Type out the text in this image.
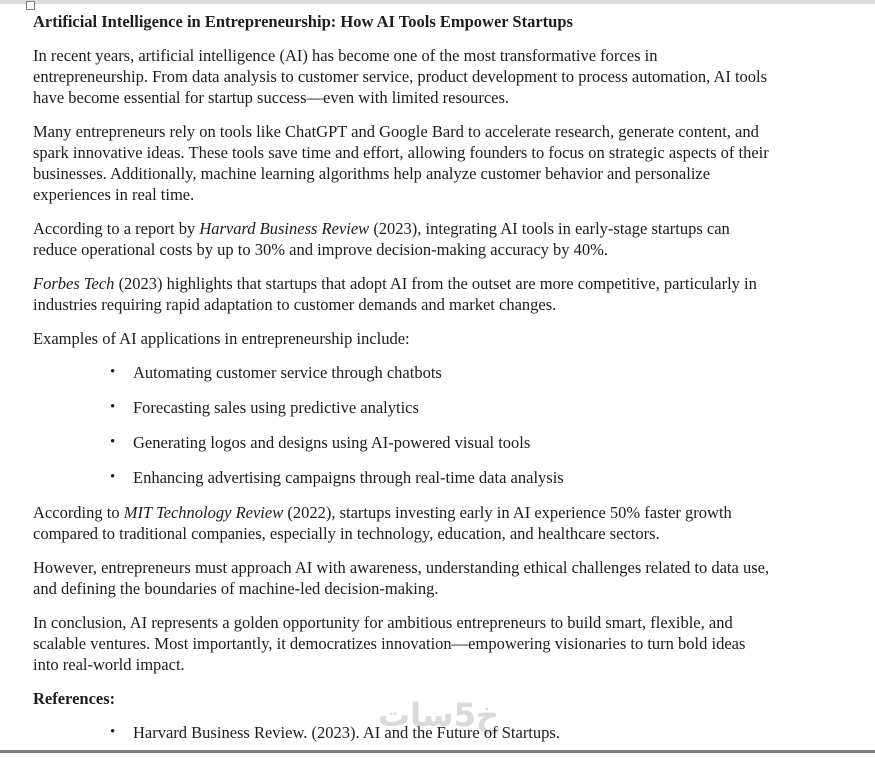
خ5سات
Artificial Intelligence in Entrepreneurship: How AI Tools Empower Startups
In recent years, artificial intelligence (AI) has become one of the most transformative forces in
entrepreneurship. From data analysis to customer service, product development to process automation, AI tools
have become essential for startup success—even with limited resources.
Many entrepreneurs rely on tools like ChatGPT and Google Bard to accelerate research, generate content, and
spark innovative ideas. These tools save time and effort, allowing founders to focus on strategic aspects of their
businesses. Additionally, machine learning algorithms help analyze customer behavior and personalize
experiences in real time.
According to a report by Harvard Business Review (2023), integrating AI tools in early-stage startups can
reduce operational costs by up to 30% and improve decision-making accuracy by 40%.
Forbes Tech (2023) highlights that startups that adopt AI from the outset are more competitive, particularly in
industries requiring rapid adaptation to customer demands and market changes.
Examples of AI applications in entrepreneurship include:
• Automating customer service through chatbots
• Forecasting sales using predictive analytics
• Generating logos and designs using AI-powered visual tools
• Enhancing advertising campaigns through real-time data analysis
According to MIT Technology Review (2022), startups investing early in AI experience 50% faster growth
compared to traditional companies, especially in technology, education, and healthcare sectors.
However, entrepreneurs must approach AI with awareness, understanding ethical challenges related to data use,
and defining the boundaries of machine-led decision-making.
In conclusion, AI represents a golden opportunity for ambitious entrepreneurs to build smart, flexible, and
scalable ventures. Most importantly, it democratizes innovation—empowering visionaries to turn bold ideas
into real-world impact.
References:
• Harvard Business Review. (2023). AI and the Future of Startups.
